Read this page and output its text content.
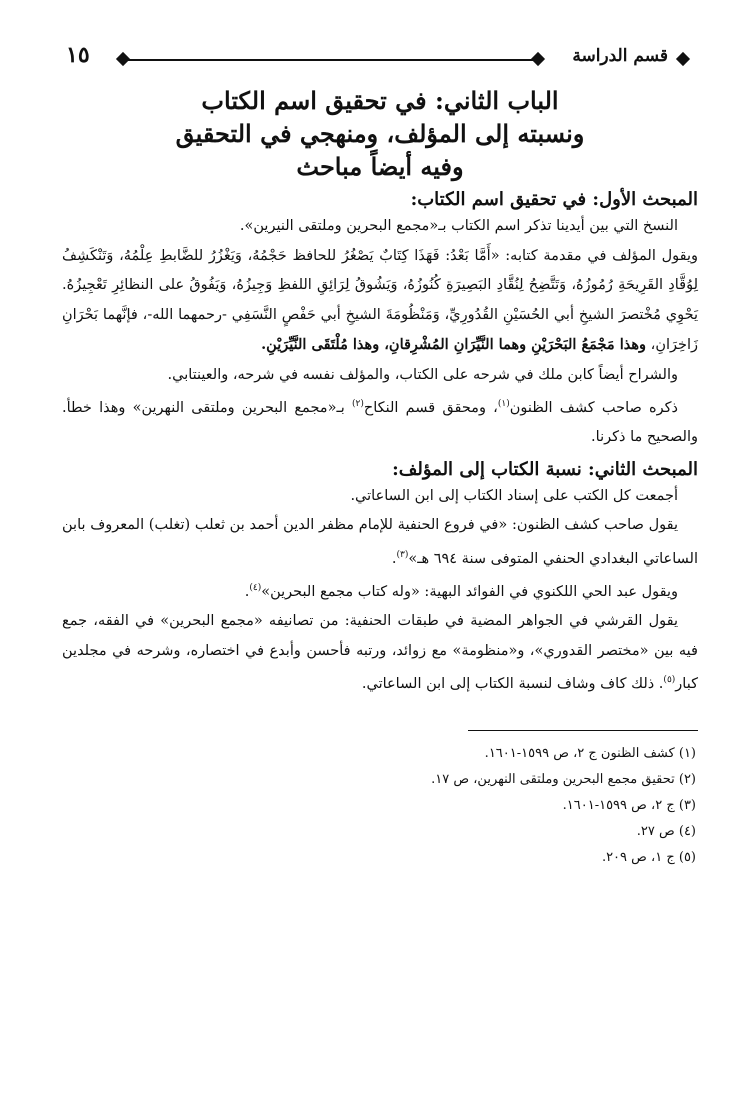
قسم الدراسة
١٥
الباب الثاني: في تحقيق اسم الكتاب
ونسبته إلى المؤلف، ومنهجي في التحقيق
وفيه أيضاً مباحث
المبحث الأول: في تحقيق اسم الكتاب:

النسخ التي بين أيدينا تذكر اسم الكتاب بـ«مجمع البحرين وملتقى النيرين».

ويقول المؤلف في مقدمة كتابه: «أَمَّا بَعْدُ: فَهَذَا كِتَابٌ يَصْغُرُ للحافظ حَجْمُهُ، وَيَغْزُرُ للضَّابطِ عِلْمُهُ، وَتَنْكَشِفُ لِوُقَّادِ القَرِيحَةِ رُمُوزُهُ، وَتَتَّضِحُ لِنُقَّادِ البَصِيرَةِ كُنُوزُهُ، وَيَشُوقُ لِرَائِقِ اللفظِ وَجِيزُهُ، وَيَفُوقُ على النظائِرِ تَعْجِيزُهُ. يَحْوِي مُخْتصرَ الشيخِ أبي الحُسَيْنِ القُدُورِيِّ، وَمَنْظُومَةَ الشيخِ أبي حَفْصٍ النَّسَفِي -رحمهما الله-، فإنَّهما بَحْرَانِ زَاخِرَانِ، وهذا مَجْمَعُ البَحْرَيْنِ وهما النَّيِّرَانِ المُشْرِقانِ، وهذا مُلْتَقَى النَّيِّرَيْنِ.

والشراح أيضاً كابن ملك في شرحه على الكتاب، والمؤلف نفسه في شرحه، والعينتابي.

ذكره صاحب كشف الظنون$^{(١)}$، ومحقق قسم النكاح$^{(٢)}$ بـ«مجمع البحرين وملتقى النهرين» وهذا خطأ. والصحيح ما ذكرنا.

المبحث الثاني: نسبة الكتاب إلى المؤلف:

أجمعت كل الكتب على إسناد الكتاب إلى ابن الساعاتي.

يقول صاحب كشف الظنون: «في فروع الحنفية للإمام مظفر الدين أحمد بن ثعلب (تغلب) المعروف بابن الساعاتي البغدادي الحنفي المتوفى سنة ٦٩٤ هـ»$^{(٣)}$.

ويقول عبد الحي اللكنوي في الفوائد البهية: «وله كتاب مجمع البحرين»$^{(٤)}$.

يقول القرشي في الجواهر المضية في طبقات الحنفية: من تصانيفه «مجمع البحرين» في الفقه، جمع فيه بين «مختصر القدوري»، و«منظومة» مع زوائد، ورتبه فأحسن وأبدع في اختصاره، وشرحه في مجلدين كبار$^{(٥)}$. ذلك كاف وشاف لنسبة الكتاب إلى ابن الساعاتي.

(١) كشف الظنون ج ٢، ص ١٥٩٩-١٦٠١.
(٢) تحقيق مجمع البحرين وملتقى النهرين، ص ١٧.
(٣) ج ٢، ص ١٥٩٩-١٦٠١.
(٤) ص ٢٧.
(٥) ج ١، ص ٢٠٩.
